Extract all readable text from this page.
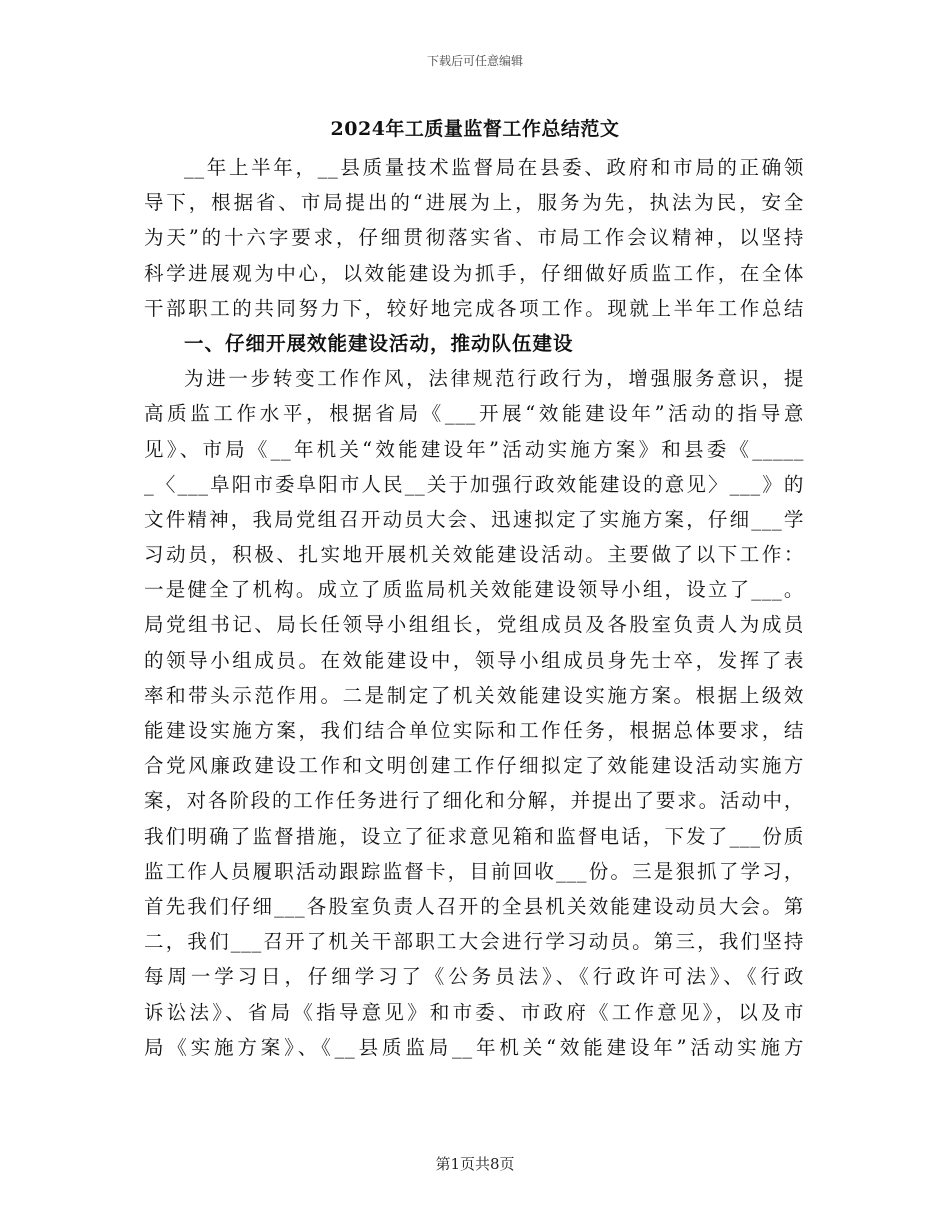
下载后可任意编辑
2024年工质量监督工作总结范文
__年上半年，__县质量技术监督局在县委、政府和市局的正确领
导下，根据省、市局提出的“进展为上，服务为先，执法为民，安全
为天”的十六字要求，仔细贯彻落实省、市局工作会议精神，以坚持
科学进展观为中心，以效能建设为抓手，仔细做好质监工作，在全体
干部职工的共同努力下，较好地完成各项工作。现就上半年工作总结
一、仔细开展效能建设活动，推动队伍建设
为进一步转变工作作风，法律规范行政行为，增强服务意识，提
高质监工作水平，根据省局《___开展“效能建设年”活动的指导意
见》、市局《__年机关“效能建设年”活动实施方案》和县委《_____
_〈___阜阳市委阜阳市人民__关于加强行政效能建设的意见〉___》的
文件精神，我局党组召开动员大会、迅速拟定了实施方案，仔细___学
习动员，积极、扎实地开展机关效能建设活动。主要做了以下工作：
一是健全了机构。成立了质监局机关效能建设领导小组，设立了___。
局党组书记、局长任领导小组组长，党组成员及各股室负责人为成员
的领导小组成员。在效能建设中，领导小组成员身先士卒，发挥了表
率和带头示范作用。二是制定了机关效能建设实施方案。根据上级效
能建设实施方案，我们结合单位实际和工作任务，根据总体要求，结
合党风廉政建设工作和文明创建工作仔细拟定了效能建设活动实施方
案，对各阶段的工作任务进行了细化和分解，并提出了要求。活动中，
我们明确了监督措施，设立了征求意见箱和监督电话，下发了___份质
监工作人员履职活动跟踪监督卡，目前回收___份。三是狠抓了学习，
首先我们仔细___各股室负责人召开的全县机关效能建设动员大会。第
二，我们___召开了机关干部职工大会进行学习动员。第三，我们坚持
每周一学习日，仔细学习了《公务员法》、《行政许可法》、《行政
诉讼法》、省局《指导意见》和市委、市政府《工作意见》，以及市
局《实施方案》、《__县质监局__年机关“效能建设年”活动实施方
第1页共8页
